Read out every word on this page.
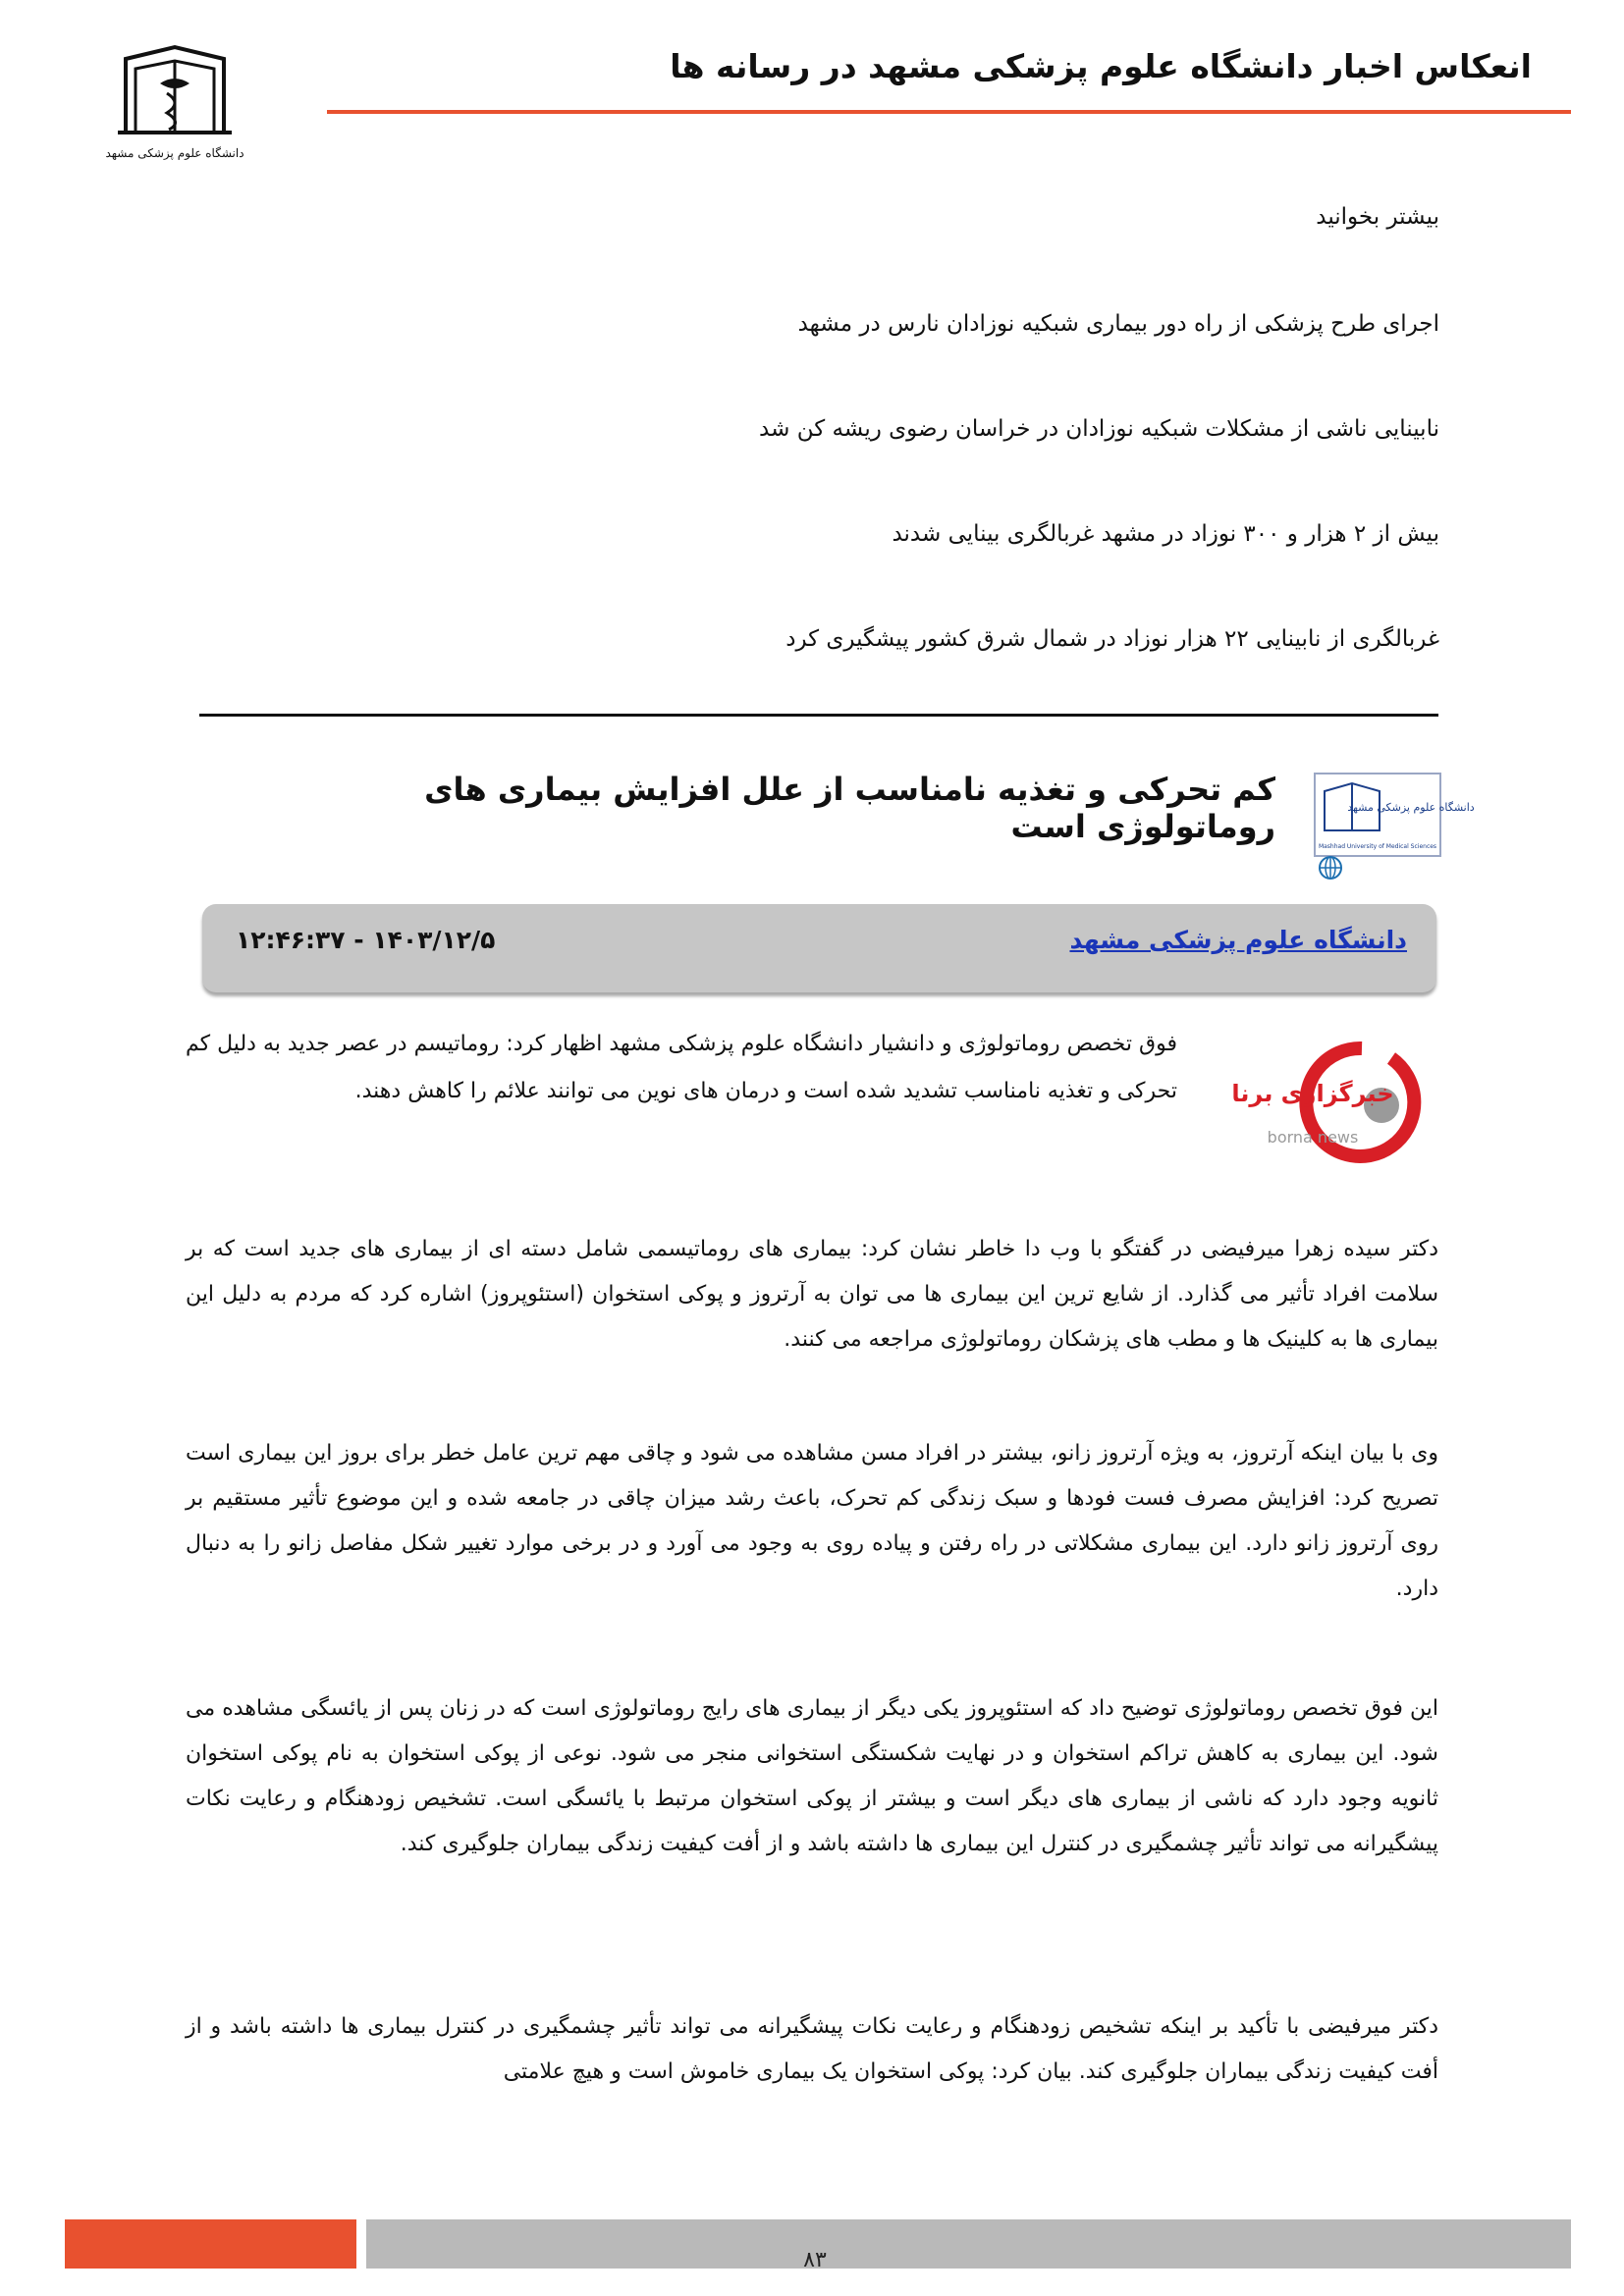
دانشگاه علوم پزشکی مشهد
انعکاس اخبار دانشگاه علوم پزشکی مشهد در رسانه ها
بیشتر بخوانید
اجرای طرح پزشکی از راه دور بیماری شبکیه نوزادان نارس در مشهد
نابینایی ناشی از مشکلات شبکیه نوزادان در خراسان رضوی ریشه کن شد
بیش از ۲ هزار و ۳۰۰ نوزاد در مشهد غربالگری بینایی شدند
غربالگری از نابینایی ۲۲ هزار نوزاد در شمال شرق کشور پیشگیری کرد
دانشگاه علوم پزشکی مشهد
Mashhad University of Medical Sciences
کم تحرکی و تغذیه نامناسب از علل افزایش بیماری های روماتولوژی است
دانشگاه علوم پزشکی مشهد
۱۲:۴۶:۳۷ - ۱۴۰۳/۱۲/۵
خبرگزاری برنا
borna news
فوق تخصص روماتولوژی و دانشیار دانشگاه علوم پزشکی مشهد اظهار کرد: روماتیسم در عصر جدید به دلیل کم تحرکی و تغذیه نامناسب تشدید شده است و درمان های نوین می توانند علائم را کاهش دهند.
دکتر سیده زهرا میرفیضی در گفتگو با وب دا خاطر نشان کرد: بیماری های روماتیسمی شامل دسته ای از بیماری های جدید است که بر سلامت افراد تأثیر می گذارد. از شایع ترین این بیماری ها می توان به آرتروز و پوکی استخوان (استئوپروز) اشاره کرد که مردم به دلیل این بیماری ها به کلینیک ها و مطب های پزشکان روماتولوژی مراجعه می کنند.
وی با بیان اینکه آرتروز، به ویژه آرتروز زانو، بیشتر در افراد مسن مشاهده می شود و چاقی مهم ترین عامل خطر برای بروز این بیماری است تصریح کرد: افزایش مصرف فست فودها و سبک زندگی کم تحرک، باعث رشد میزان چاقی در جامعه شده و این موضوع تأثیر مستقیم بر روی آرتروز زانو دارد. این بیماری مشکلاتی در راه رفتن و پیاده روی به وجود می آورد و در برخی موارد تغییر شکل مفاصل زانو را به دنبال دارد.
این فوق تخصص روماتولوژی توضیح داد که استئوپروز یکی دیگر از بیماری های رایج روماتولوژی است که در زنان پس از یائسگی مشاهده می شود. این بیماری به کاهش تراکم استخوان و در نهایت شکستگی استخوانی منجر می شود. نوعی از پوکی استخوان به نام پوکی استخوان ثانویه وجود دارد که ناشی از بیماری های دیگر است و بیشتر از پوکی استخوان مرتبط با یائسگی است. تشخیص زودهنگام و رعایت نکات پیشگیرانه می تواند تأثیر چشمگیری در کنترل این بیماری ها داشته باشد و از أفت کیفیت زندگی بیماران جلوگیری کند.
دکتر میرفیضی با تأکید بر اینکه تشخیص زودهنگام و رعایت نکات پیشگیرانه می تواند تأثیر چشمگیری در کنترل بیماری ها داشته باشد و از أفت کیفیت زندگی بیماران جلوگیری کند. بیان کرد: پوکی استخوان یک بیماری خاموش است و هیچ علامتی
۸۳
